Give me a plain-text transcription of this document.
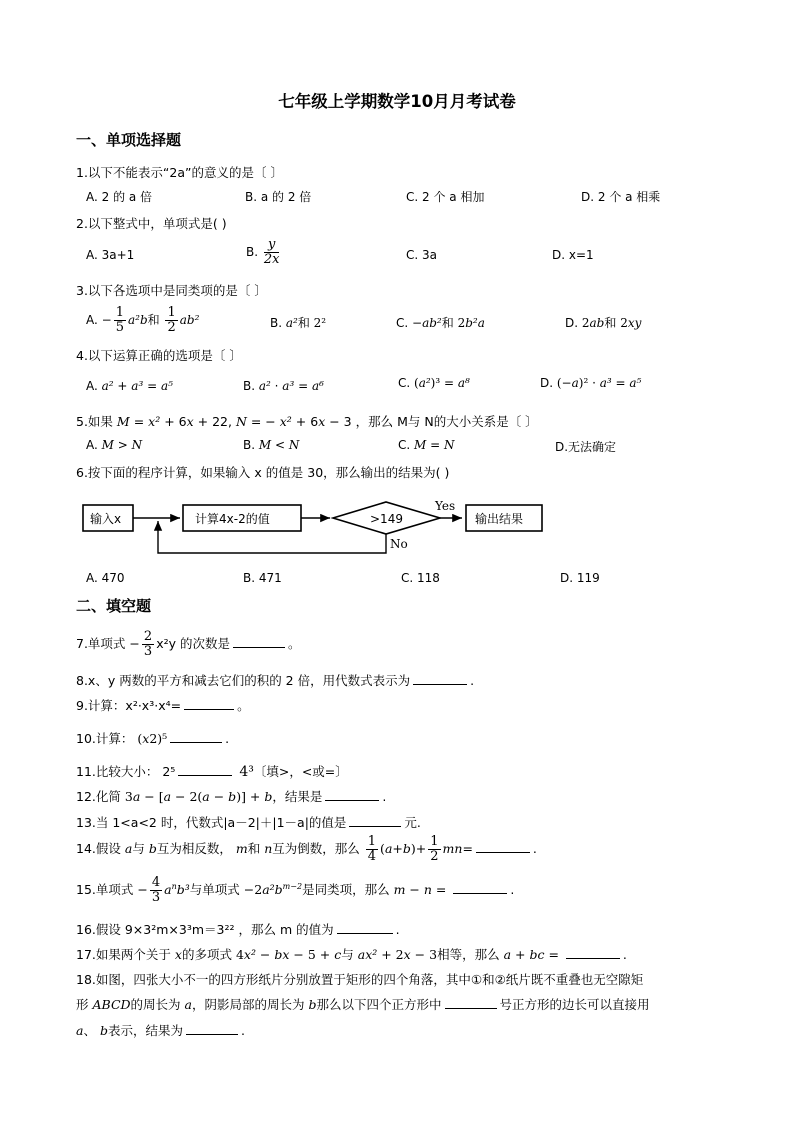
七年级上学期数学10月月考试卷
一、单项选择题
1.以下不能表示“2a”的意义的是〔 〕
A. 2 的 a 倍	B. a 的 2 倍	C. 2 个 a 相加	D. 2 个 a 相乘
2.以下整式中，单项式是( )
A. 3a+1	B. $\frac{y}{2x}$	C. 3a	D. x=1
3.以下各选项中是同类项的是〔 〕
A. − $\frac{1}{5} a^2b$和 $\frac{1}{2} ab^2$	B. a²和 2²	C. −ab²和 2b²a	D. 2ab和 2xy
4.以下运算正确的选项是〔 〕
A. a² + a³ = a⁵	B. a² · a³ = a⁶	C. (a²)³ = a⁸	D. (−a)² · a³ = a⁵
5.如果 M = x² + 6x + 22, N = − x² + 6x − 3 ，那么 M与 N的大小关系是〔 〕
A. M > N	B. M < N	C. M = N	D.无法确定
6.按下面的程序计算，如果输入 x 的值是 30，那么输出的结果为( )
输入x	计算4x-2的值	>149
Yes
输出结果
No
A. 470	B. 471	C. 118	D. 119
二、填空题
7.单项式 − $\frac{2}{3} x^2y$ 的次数是	。
8.x、y 两数的平方和减去它们的积的 2 倍，用代数式表示为	.
9.计算：x²·x³·x⁴=	。
10.计算： (x2)⁵	.
11.比较大小： 2⁵	4³〔填>，<或=〕
12.化简 3a − [a − 2(a − b)] + b，结果是	.
13.当 1<a<2 时，代数式|a－2|＋|1－a|的值是	元.
14.假设 a与 b互为相反数， m和 n互为倒数，那么 $\frac{1}{4} (a+b)+ \frac{1}{2} mn=$	.
15.单项式 − $\frac{4}{3} a^nb^3$与单项式 $-2a^2b^{m-2}$是同类项，那么 m − n =	.
16.假设 9×3²m×3³m＝3²² ，那么 m 的值为	.
17.如果两个关于 x的多项式 4x² − bx − 5 + c与 ax² + 2x − 3相等，那么 a + bc =	.
18.如图，四张大小不一的四方形纸片分别放置于矩形的四个角落，其中①和②纸片既不重叠也无空隙矩
形 ABCD的周长为 a，阴影局部的周长为 b那么以下四个正方形中	号正方形的边长可以直接用
a、 b表示，结果为	.
